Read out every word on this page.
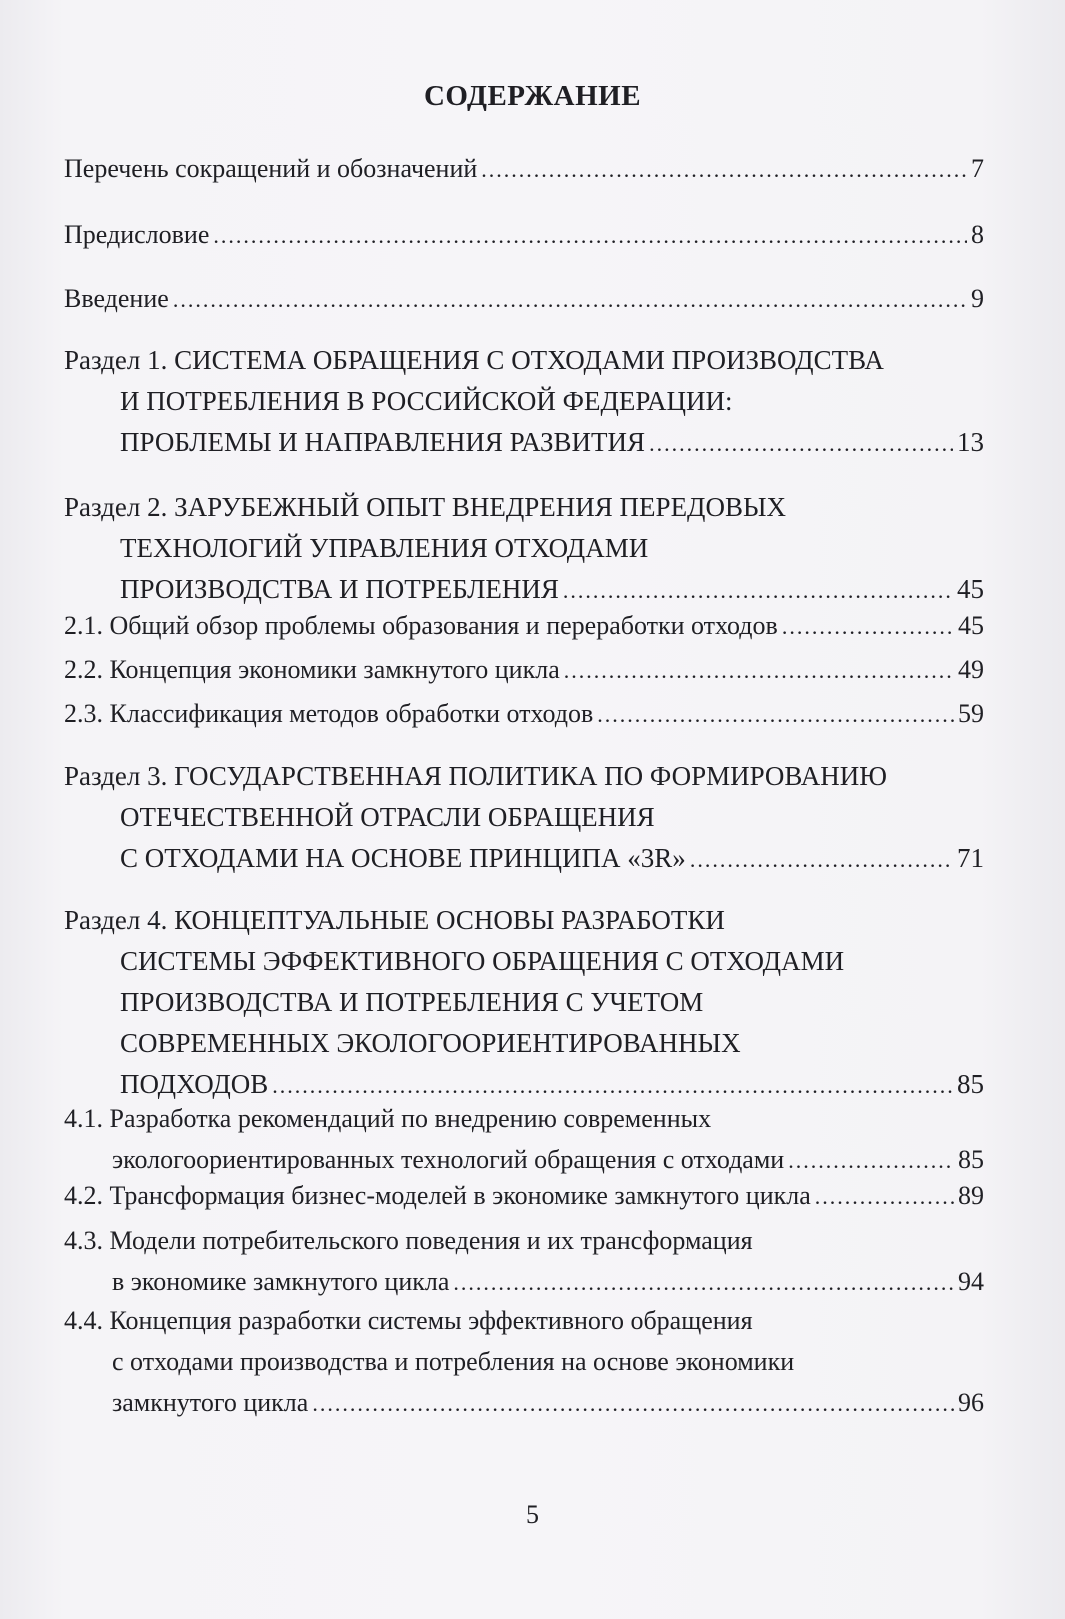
СОДЕРЖАНИЕ
Перечень сокращений и обозначений .....	7
Предисловие .....	8
Введение .....	9
Раздел 1. СИСТЕМА ОБРАЩЕНИЯ С ОТХОДАМИ ПРОИЗВОДСТВА
И ПОТРЕБЛЕНИЯ В РОССИЙСКОЙ ФЕДЕРАЦИИ:
ПРОБЛЕМЫ И НАПРАВЛЕНИЯ РАЗВИТИЯ .....	13
Раздел 2. ЗАРУБЕЖНЫЙ ОПЫТ ВНЕДРЕНИЯ ПЕРЕДОВЫХ
ТЕХНОЛОГИЙ УПРАВЛЕНИЯ ОТХОДАМИ
ПРОИЗВОДСТВА И ПОТРЕБЛЕНИЯ .....	45
2.1. Общий обзор проблемы образования и переработки отходов .....	45
2.2. Концепция экономики замкнутого цикла .....	49
2.3. Классификация методов обработки отходов .....	59
Раздел 3. ГОСУДАРСТВЕННАЯ ПОЛИТИКА ПО ФОРМИРОВАНИЮ
ОТЕЧЕСТВЕННОЙ ОТРАСЛИ ОБРАЩЕНИЯ
С ОТХОДАМИ НА ОСНОВЕ ПРИНЦИПА «3R» .....	71
Раздел 4. КОНЦЕПТУАЛЬНЫЕ ОСНОВЫ РАЗРАБОТКИ
СИСТЕМЫ ЭФФЕКТИВНОГО ОБРАЩЕНИЯ С ОТХОДАМИ
ПРОИЗВОДСТВА И ПОТРЕБЛЕНИЯ С УЧЕТОМ
СОВРЕМЕННЫХ ЭКОЛОГООРИЕНТИРОВАННЫХ
ПОДХОДОВ .....	85
4.1. Разработка рекомендаций по внедрению современных
экологоориентированных технологий обращения с отходами .....	85
4.2. Трансформация бизнес-моделей в экономике замкнутого цикла .....	89
4.3. Модели потребительского поведения и их трансформация
в экономике замкнутого цикла .....	94
4.4. Концепция разработки системы эффективного обращения
с отходами производства и потребления на основе экономики
замкнутого цикла .....	96
5
